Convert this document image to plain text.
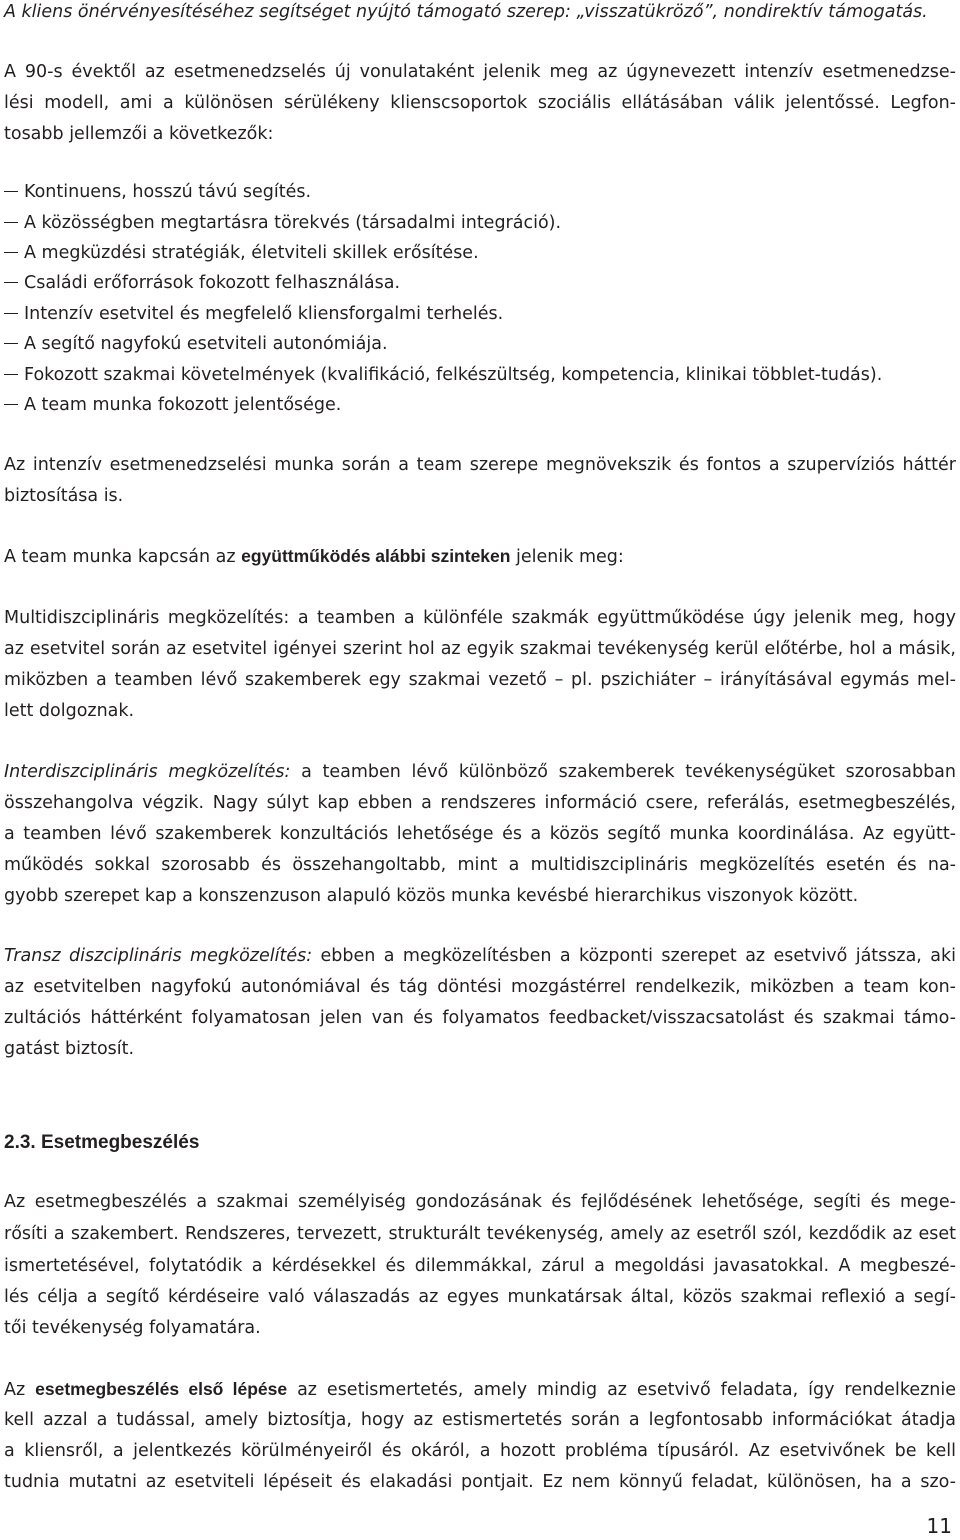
A kliens önérvényesítéséhez segítséget nyújtó támogató szerep: „visszatükröző”, nondirektív támogatás.
A 90-s évektől az esetmenedzselés új vonulataként jelenik meg az úgynevezett intenzív esetmenedzse-
lési modell, ami a különösen sérülékeny klienscsoportok szociális ellátásában válik jelentőssé. Legfon-
tosabb jellemzői a következők:
Kontinuens, hosszú távú segítés.
A közösségben megtartásra törekvés (társadalmi integráció).
A megküzdési stratégiák, életviteli skillek erősítése.
Családi erőforrások fokozott felhasználása.
Intenzív esetvitel és megfelelő kliensforgalmi terhelés.
A segítő nagyfokú esetviteli autonómiája.
Fokozott szakmai követelmények (kvalifikáció, felkészültség, kompetencia, klinikai többlet-tudás).
A team munka fokozott jelentősége.
Az intenzív esetmenedzselési munka során a team szerepe megnövekszik és fontos a szupervíziós háttér
biztosítása is.
A team munka kapcsán az együttműködés alábbi szinteken jelenik meg:
Multidiszciplináris megközelítés: a teamben a különféle szakmák együttműködése úgy jelenik meg, hogy
az esetvitel során az esetvitel igényei szerint hol az egyik szakmai tevékenység kerül előtérbe, hol a másik,
miközben a teamben lévő szakemberek egy szakmai vezető – pl. pszichiáter – irányításával egymás mel-
lett dolgoznak.
Interdiszciplináris megközelítés: a teamben lévő különböző szakemberek tevékenységüket szorosabban
összehangolva végzik. Nagy súlyt kap ebben a rendszeres információ csere, referálás, esetmegbeszélés,
a teamben lévő szakemberek konzultációs lehetősége és a közös segítő munka koordinálása. Az együtt-
működés sokkal szorosabb és összehangoltabb, mint a multidiszciplináris megközelítés esetén és na-
gyobb szerepet kap a konszenzuson alapuló közös munka kevésbé hierarchikus viszonyok között.
Transz diszciplináris megközelítés: ebben a megközelítésben a központi szerepet az esetvivő játssza, aki
az esetvitelben nagyfokú autonómiával és tág döntési mozgástérrel rendelkezik, miközben a team kon-
zultációs háttérként folyamatosan jelen van és folyamatos feedbacket/visszacsatolást és szakmai támo-
gatást biztosít.
2.3. Esetmegbeszélés
Az esetmegbeszélés a szakmai személyiség gondozásának és fejlődésének lehetősége, segíti és mege-
rősíti a szakembert. Rendszeres, tervezett, strukturált tevékenység, amely az esetről szól, kezdődik az eset
ismertetésével, folytatódik a kérdésekkel és dilemmákkal, zárul a megoldási javasatokkal. A megbeszé-
lés célja a segítő kérdéseire való válaszadás az egyes munkatársak által, közös szakmai reflexió a segí-
tői tevékenység folyamatára.
Az esetmegbeszélés első lépése az esetismertetés, amely mindig az esetvivő feladata, így rendelkeznie
kell azzal a tudással, amely biztosítja, hogy az estismertetés során a legfontosabb információkat átadja
a kliensről, a jelentkezés körülményeiről és okáról, a hozott probléma típusáról. Az esetvivőnek be kell
tudnia mutatni az esetviteli lépéseit és elakadási pontjait. Ez nem könnyű feladat, különösen, ha a szo-
11
